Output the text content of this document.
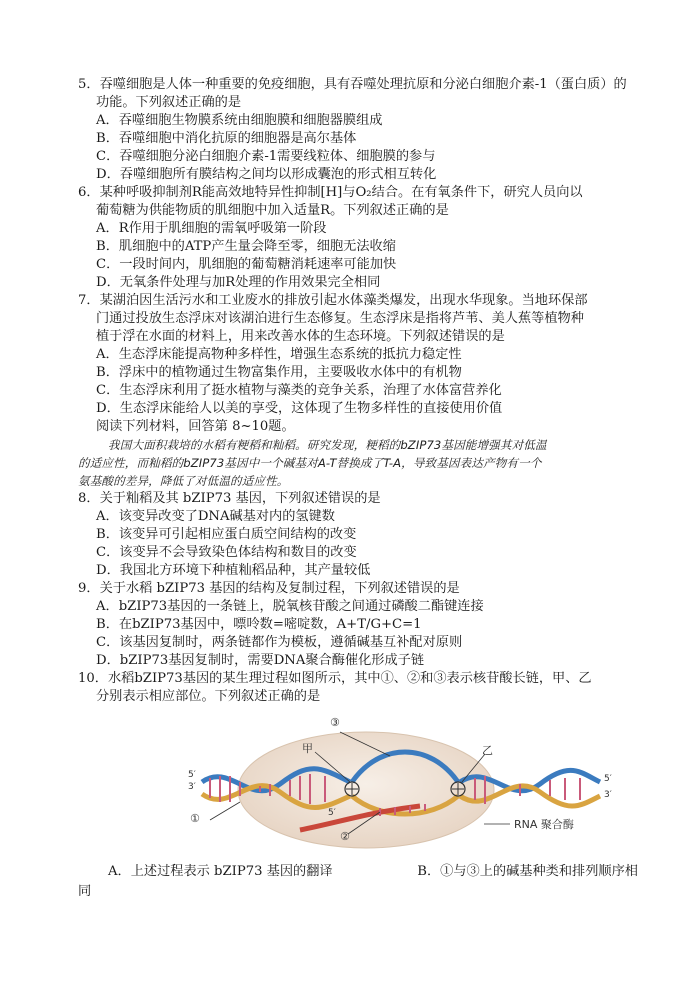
5．吞噬细胞是人体一种重要的免疫细胞，具有吞噬处理抗原和分泌白细胞介素-1（蛋白质）的
功能。下列叙述正确的是
A．吞噬细胞生物膜系统由细胞膜和细胞器膜组成
B．吞噬细胞中消化抗原的细胞器是高尔基体
C．吞噬细胞分泌白细胞介素-1需要线粒体、细胞膜的参与
D．吞噬细胞所有膜结构之间均以形成囊泡的形式相互转化
6．某种呼吸抑制剂R能高效地特异性抑制[H]与O₂结合。在有氧条件下，研究人员向以
葡萄糖为供能物质的肌细胞中加入适量R。下列叙述正确的是
A．R作用于肌细胞的需氧呼吸第一阶段
B．肌细胞中的ATP产生量会降至零，细胞无法收缩
C．一段时间内，肌细胞的葡萄糖消耗速率可能加快
D．无氧条件处理与加R处理的作用效果完全相同
7．某湖泊因生活污水和工业废水的排放引起水体藻类爆发，出现水华现象。当地环保部
门通过投放生态浮床对该湖泊进行生态修复。生态浮床是指将芦苇、美人蕉等植物种
植于浮在水面的材料上，用来改善水体的生态环境。下列叙述错误的是
A．生态浮床能提高物种多样性，增强生态系统的抵抗力稳定性
B．浮床中的植物通过生物富集作用，主要吸收水体中的有机物
C．生态浮床利用了挺水植物与藻类的竞争关系，治理了水体富营养化
D．生态浮床能给人以美的享受，这体现了生物多样性的直接使用价值
阅读下列材料，回答第 8~10题。
我国大面积栽培的水稻有粳稻和籼稻。研究发现，粳稻的bZIP73基因能增强其对低温
的适应性，而籼稻的bZIP73基因中一个碱基对A-T替换成了T-A，导致基因表达产物有一个
氨基酸的差异，降低了对低温的适应性。
8．关于籼稻及其 bZIP73 基因，下列叙述错误的是
A．该变异改变了DNA碱基对内的氢键数
B．该变异可引起相应蛋白质空间结构的改变
C．该变异不会导致染色体结构和数目的改变
D．我国北方环境下种植籼稻品种，其产量较低
9．关于水稻 bZIP73 基因的结构及复制过程，下列叙述错误的是
A．bZIP73基因的一条链上，脱氧核苷酸之间通过磷酸二酯键连接
B．在bZIP73基因中，嘌呤数=嘧啶数，A+T/G+C=1
C．该基因复制时，两条链都作为模板，遵循碱基互补配对原则
D．bZIP73基因复制时，需要DNA聚合酶催化形成子链
10．水稻bZIP73基因的某生理过程如图所示，其中①、②和③表示核苷酸长链，甲、乙
分别表示相应部位。下列叙述正确的是
③
甲	乙
①
②
RNA 聚合酶
5′
3′
5′
3′
5′
A．上述过程表示 bZIP73 基因的翻译	B．①与③上的碱基种类和排列顺序相
同
